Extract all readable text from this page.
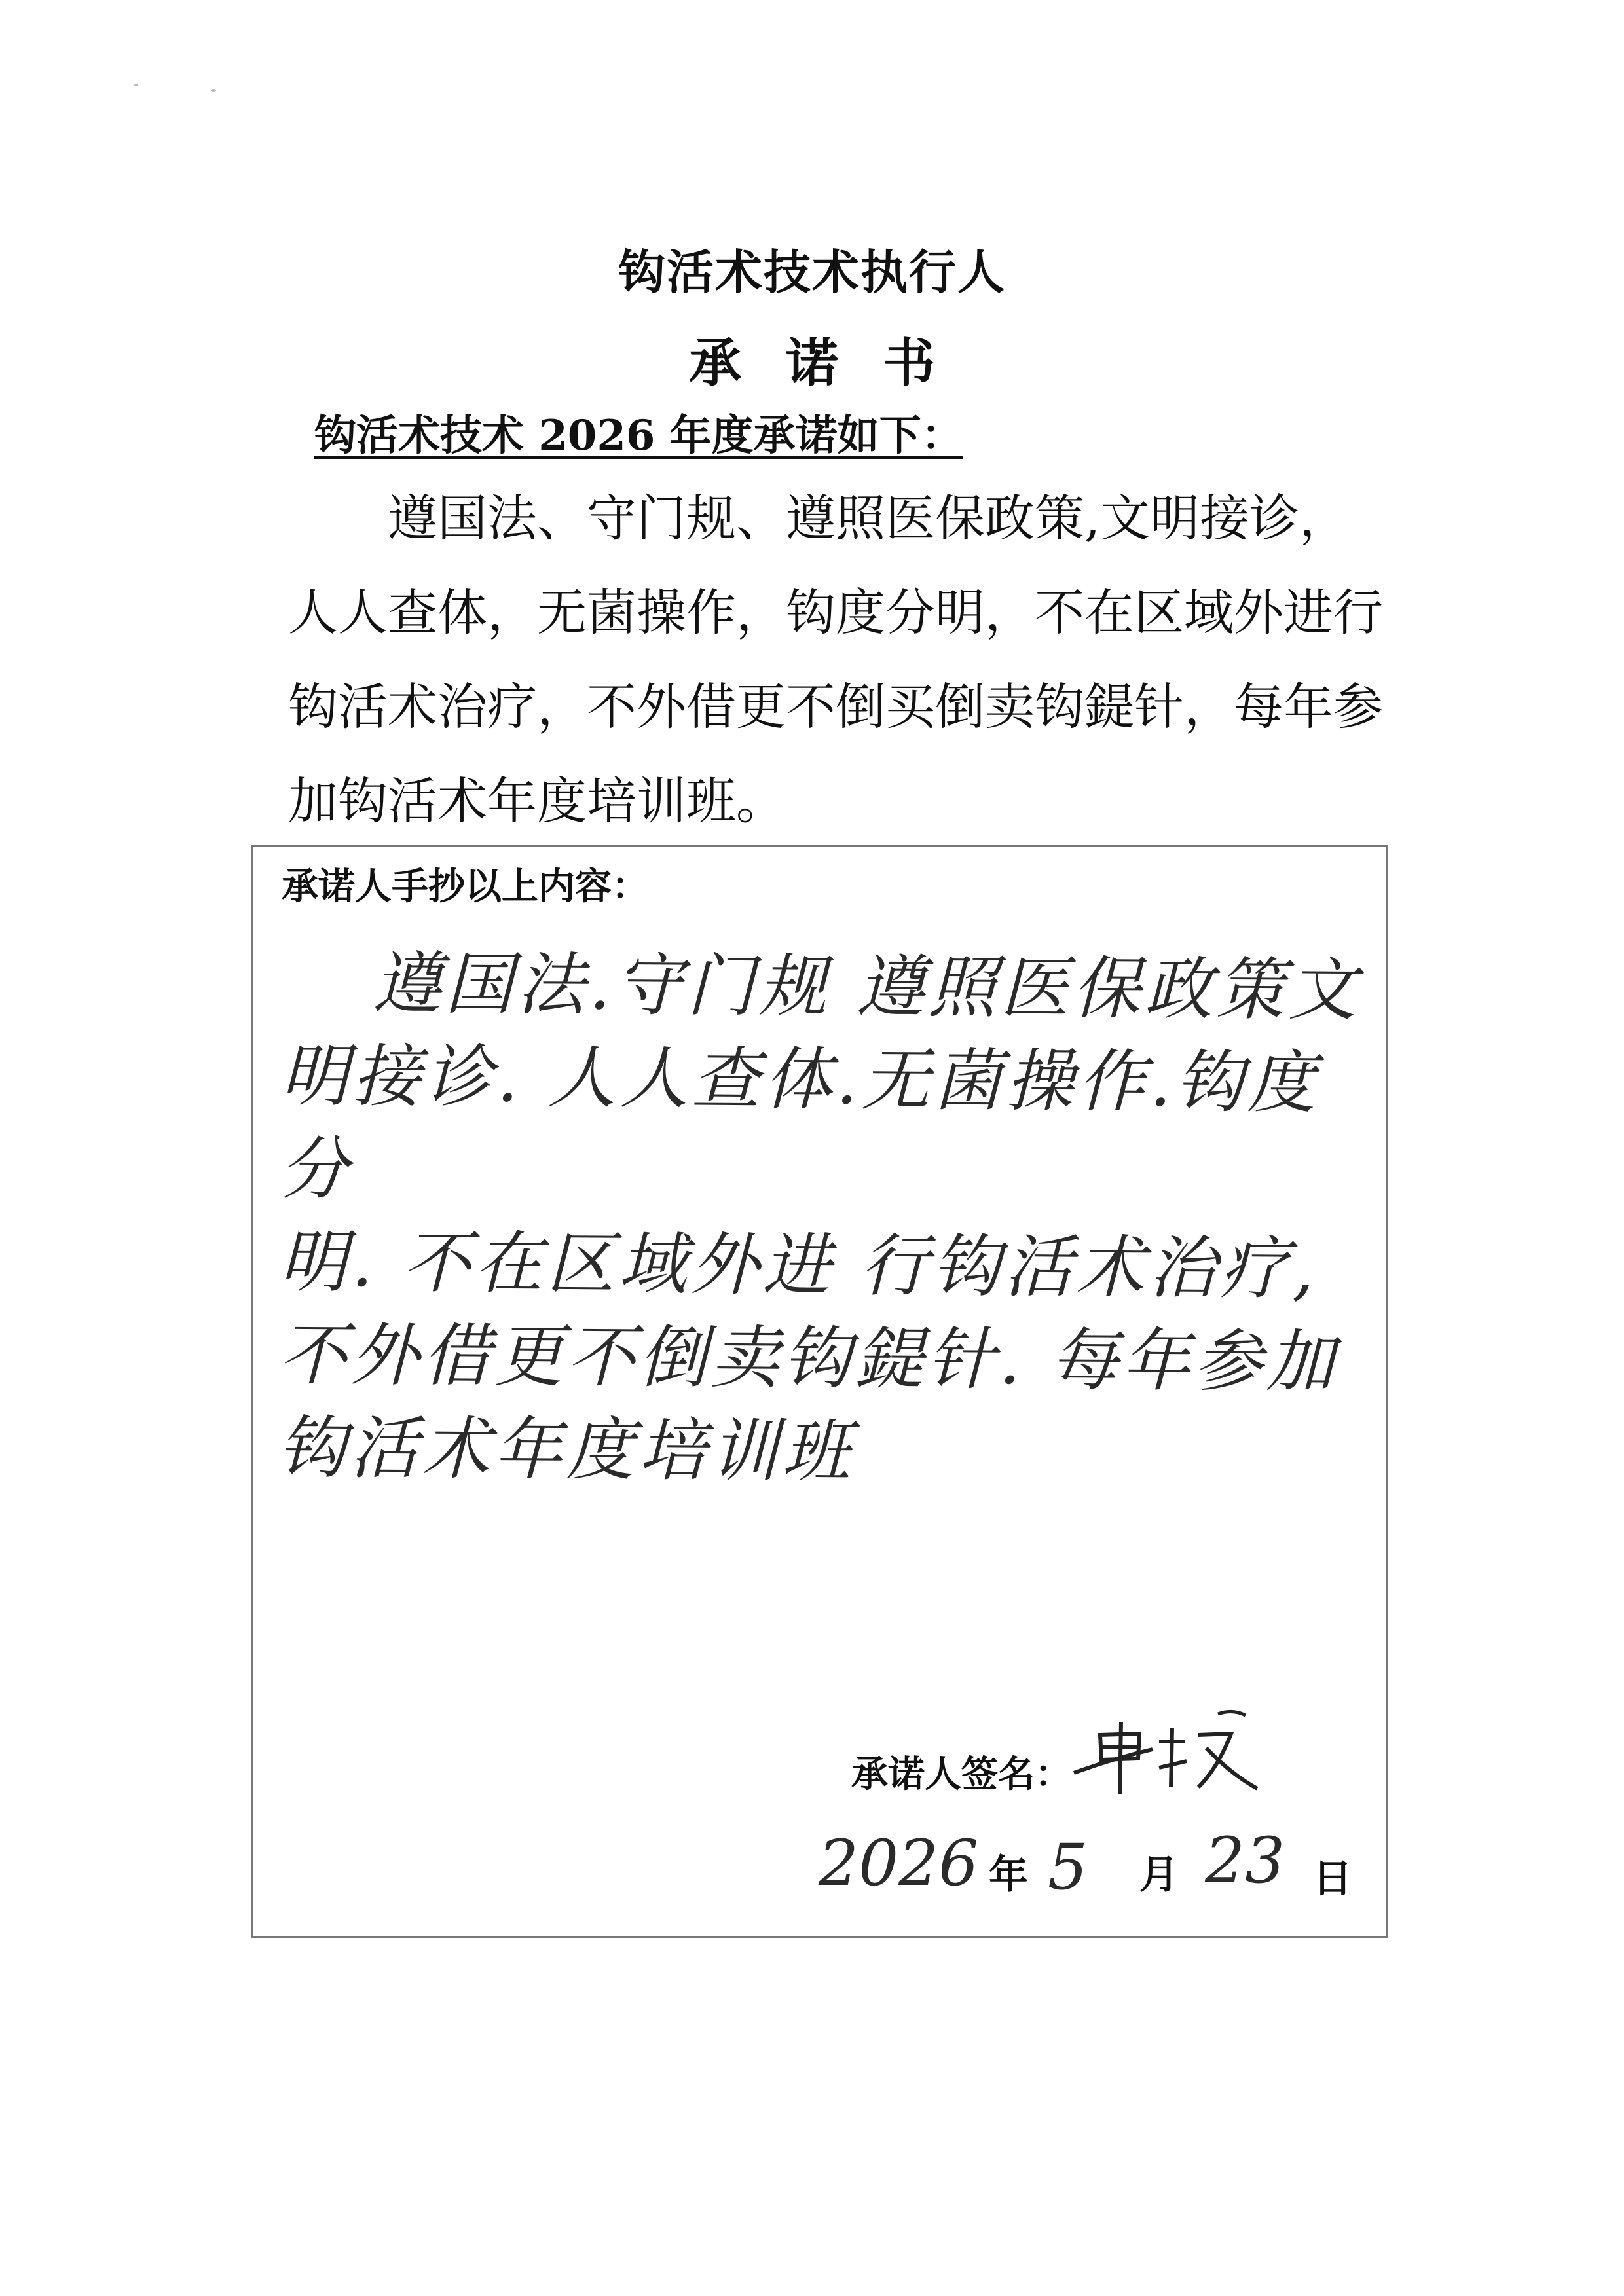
钩活术技术执行人
承诺书
钩活术技术 2026 年度承诺如下：
遵国法、守门规、遵照医保政策,文明接诊，人人查体，无菌操作，钩度分明，不在区域外进行钩活术治疗，不外借更不倒买倒卖钩鍉针，每年参加钩活术年度培训班。
承诺人手抄以上内容：
遵国法.守门规 遵照医保政策文
明接诊. 人人查体.无菌操作.钩度分
明. 不在区域外进 行钩活术治疗,
不外借更不倒卖钩鍉针. 每年参加
钩活术年度培训班
承诺人签名：
2026 年 5 月 23 日
